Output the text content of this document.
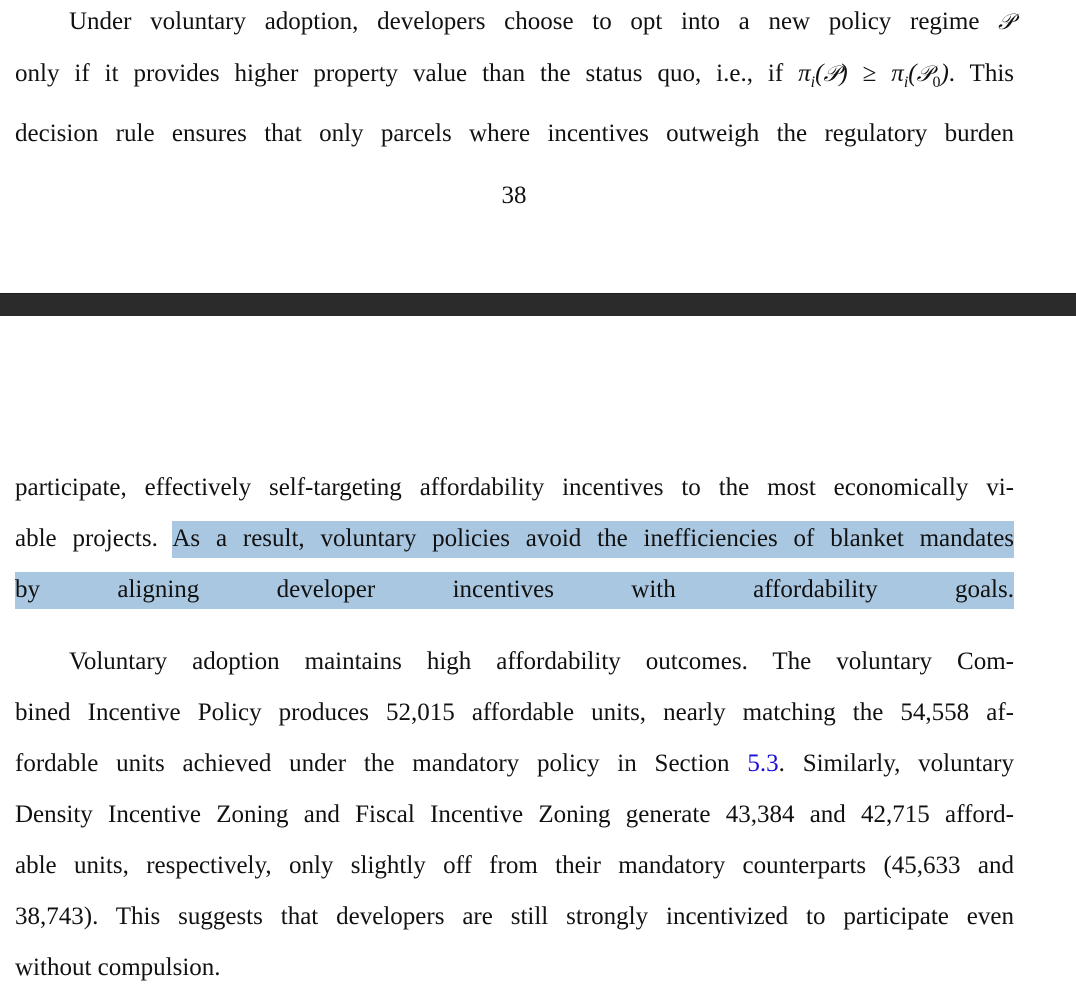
Under voluntary adoption, developers choose to opt into a new policy regime 𝒫
only if it provides higher property value than the status quo, i.e., if $\pi_i(𝒫)$ ≥ $\pi_i(𝒫_0)$. This
decision rule ensures that only parcels where incentives outweigh the regulatory burden

38

participate, effectively self-targeting affordability incentives to the most economically vi-
able projects. As a result, voluntary policies avoid the inefficiencies of blanket mandates
by aligning developer incentives with affordability goals.

Voluntary adoption maintains high affordability outcomes. The voluntary Com-
bined Incentive Policy produces 52,015 affordable units, nearly matching the 54,558 af-
fordable units achieved under the mandatory policy in Section 5.3. Similarly, voluntary
Density Incentive Zoning and Fiscal Incentive Zoning generate 43,384 and 42,715 afford-
able units, respectively, only slightly off from their mandatory counterparts (45,633 and
38,743). This suggests that developers are still strongly incentivized to participate even
without compulsion.
